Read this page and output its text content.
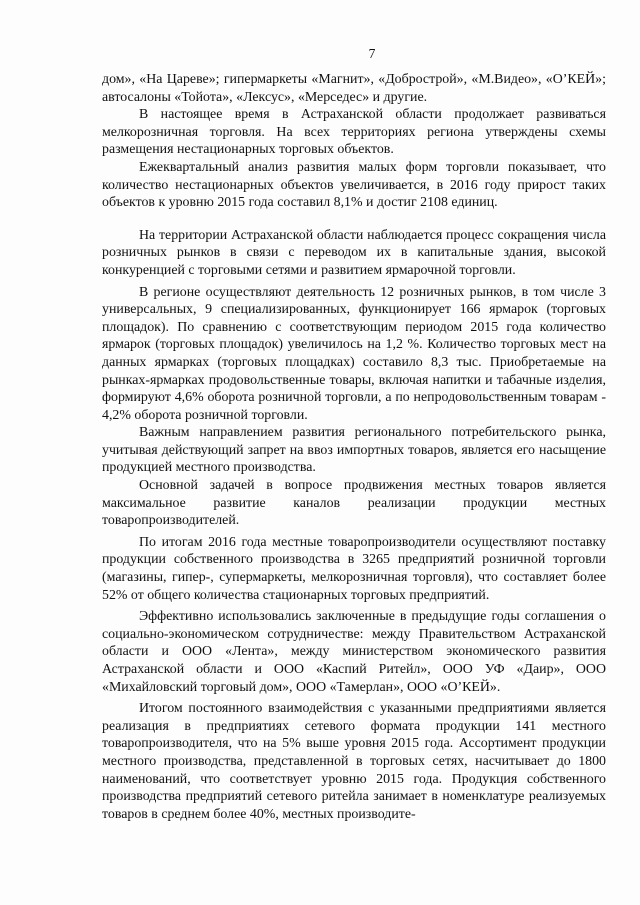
7

дом», «На Цареве»; гипермаркеты «Магнит», «Добрострой», «М.Видео», «О’КЕЙ»; автосалоны «Тойота», «Лексус», «Мерседес» и другие.

В настоящее время в Астраханской области продолжает развиваться мелкорозничная торговля. На всех территориях региона утверждены схемы размещения нестационарных торговых объектов.

Ежеквартальный анализ развития малых форм торговли показывает, что количество нестационарных объектов увеличивается, в 2016 году прирост таких объектов к уровню 2015 года составил 8,1% и достиг 2108 единиц.

На территории Астраханской области наблюдается процесс сокращения числа розничных рынков в связи с переводом их в капитальные здания, высокой конкуренцией с торговыми сетями и развитием ярмарочной торговли.

В регионе осуществляют деятельность 12 розничных рынков, в том числе 3 универсальных, 9 специализированных, функционирует 166 ярмарок (торговых площадок). По сравнению с соответствующим периодом 2015 года количество ярмарок (торговых площадок) увеличилось на 1,2 %. Количество торговых мест на данных ярмарках (торговых площадках) составило 8,3 тыс. Приобретаемые на рынках-ярмарках продовольственные товары, включая напитки и табачные изделия, формируют 4,6% оборота розничной торговли, а по непродовольственным товарам - 4,2% оборота розничной торговли.

Важным направлением развития регионального потребительского рынка, учитывая действующий запрет на ввоз импортных товаров, является его насыщение продукцией местного производства.

Основной задачей в вопросе продвижения местных товаров является максимальное развитие каналов реализации продукции местных товаропроизводителей.

По итогам 2016 года местные товаропроизводители осуществляют поставку продукции собственного производства в 3265 предприятий розничной торговли (магазины, гипер-, супермаркеты, мелкорозничная торговля), что составляет более 52% от общего количества стационарных торговых предприятий.

Эффективно использовались заключенные в предыдущие годы соглашения о социально-экономическом сотрудничестве: между Правительством Астраханской области и ООО «Лента», между министерством экономического развития Астраханской области и ООО «Каспий Ритейл», ООО УФ «Даир», ООО «Михайловский торговый дом», ООО «Тамерлан», ООО «О’КЕЙ».

Итогом постоянного взаимодействия с указанными предприятиями является реализация в предприятиях сетевого формата продукции 141 местного товаропроизводителя, что на 5% выше уровня 2015 года. Ассортимент продукции местного производства, представленной в торговых сетях, насчитывает до 1800 наименований, что соответствует уровню 2015 года. Продукция собственного производства предприятий сетевого ритейла занимает в номенклатуре реализуемых товаров в среднем более 40%, местных производите-
